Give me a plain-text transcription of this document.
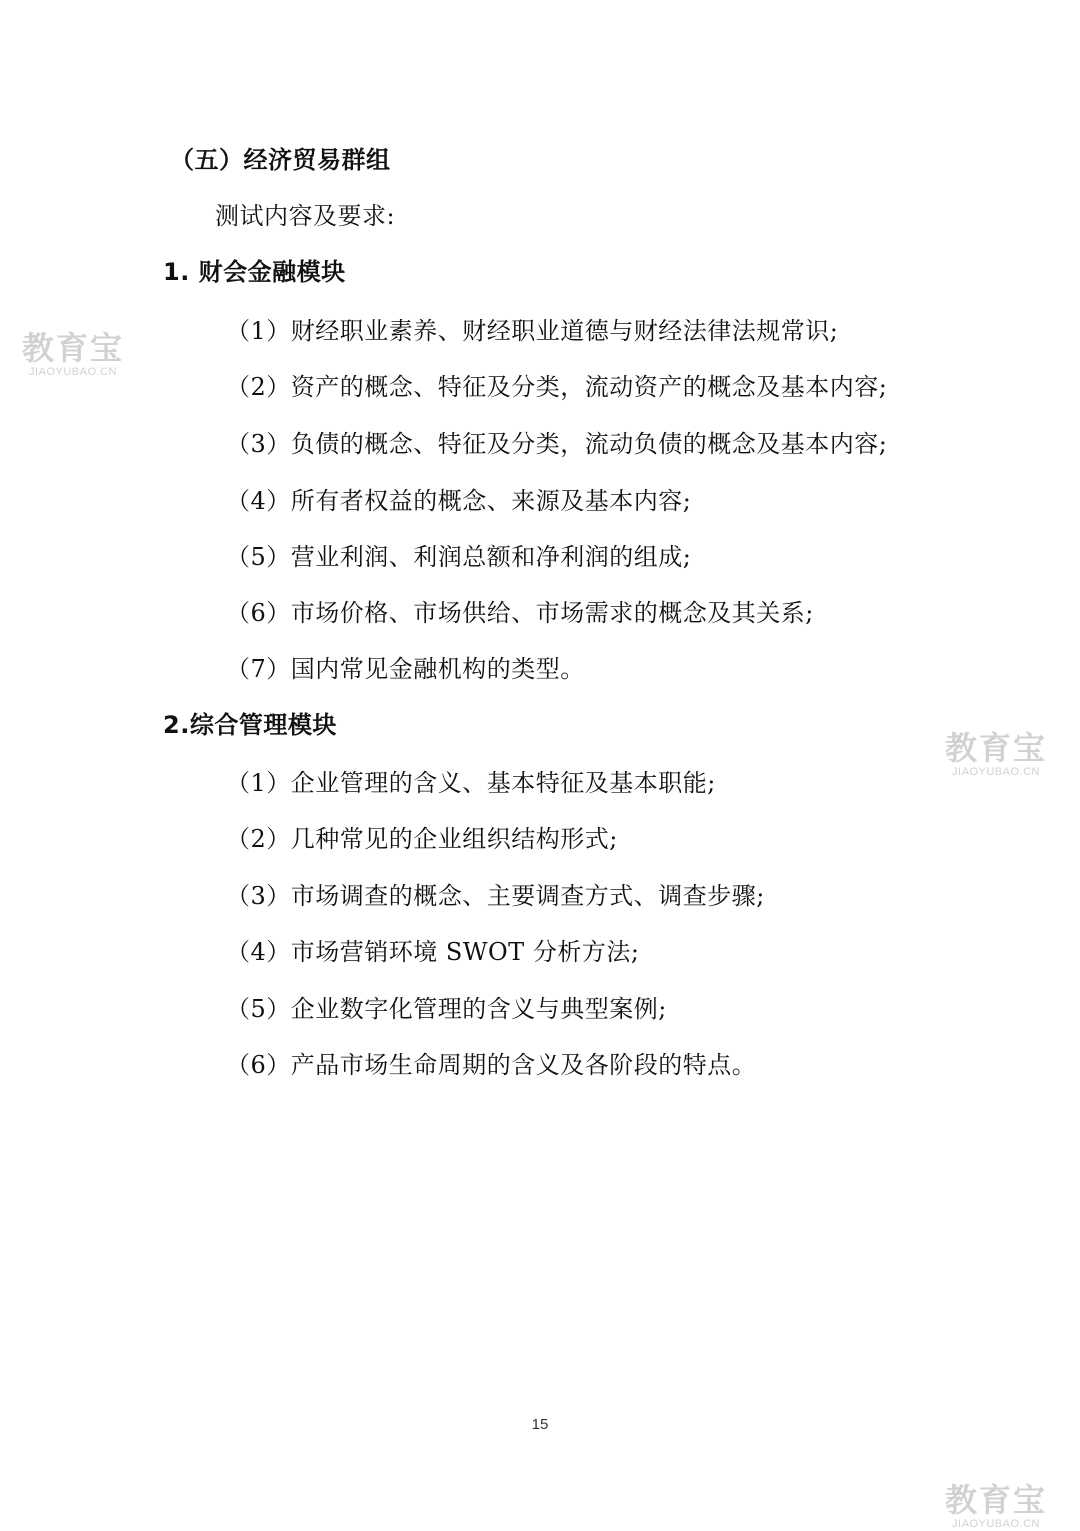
（五）经济贸易群组
测试内容及要求:
1. 财会金融模块
（1）财经职业素养、财经职业道德与财经法律法规常识;
（2）资产的概念、特征及分类，流动资产的概念及基本内容;
（3）负债的概念、特征及分类，流动负债的概念及基本内容;
（4）所有者权益的概念、来源及基本内容;
（5）营业利润、利润总额和净利润的组成;
（6）市场价格、市场供给、市场需求的概念及其关系;
（7）国内常见金融机构的类型。
2.综合管理模块
（1）企业管理的含义、基本特征及基本职能;
（2）几种常见的企业组织结构形式;
（3）市场调查的概念、主要调查方式、调查步骤;
（4）市场营销环境 SWOT 分析方法;
（5）企业数字化管理的含义与典型案例;
（6）产品市场生命周期的含义及各阶段的特点。
15
教育宝
JIAOYUBAO.CN
教育宝
JIAOYUBAO.CN
教育宝
JIAOYUBAO.CN
